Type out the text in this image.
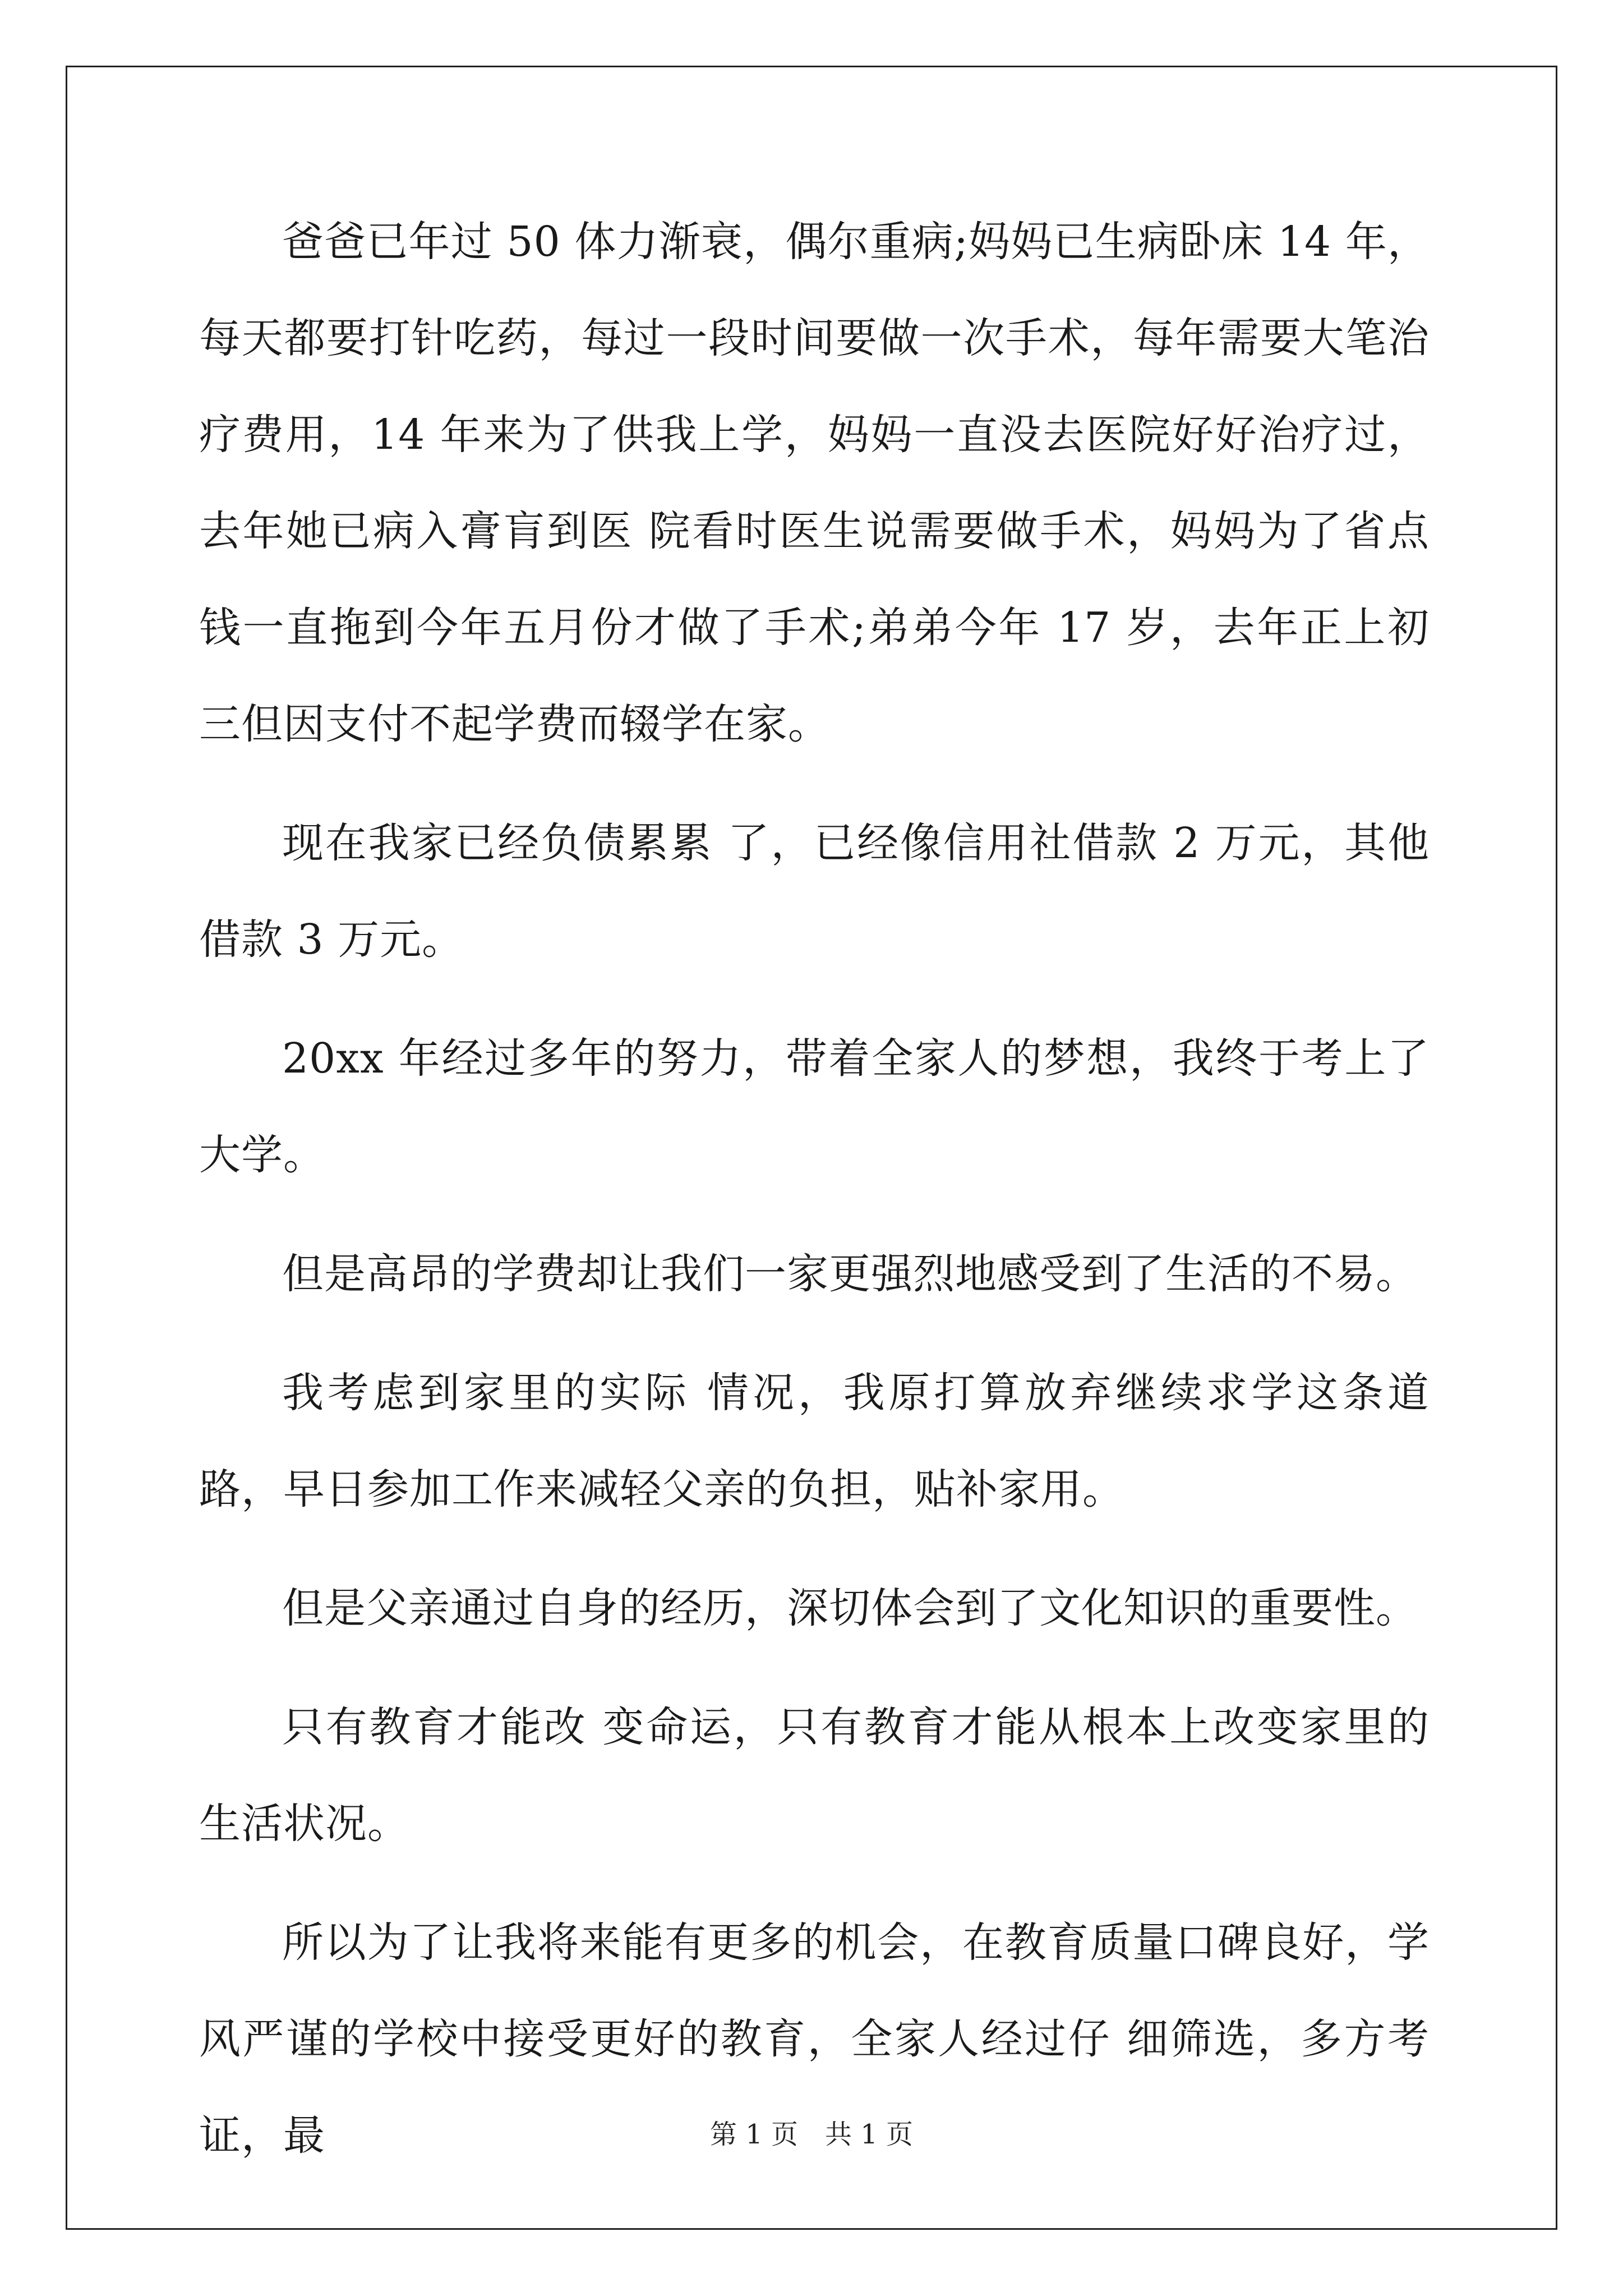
爸爸已年过 50 体力渐衰，偶尔重病;妈妈已生病卧床 14 年，每天都要打针吃药，每过一段时间要做一次手术，每年需要大笔治疗费用，14 年来为了供我上学，妈妈一直没去医院好好治疗过，去年她已病入膏肓到医 院看时医生说需要做手术，妈妈为了省点钱一直拖到今年五月份才做了手术;弟弟今年 17 岁，去年正上初三但因支付不起学费而辍学在家。

现在我家已经负债累累 了，已经像信用社借款 2 万元，其他借款 3 万元。

20xx 年经过多年的努力，带着全家人的梦想，我终于考上了大学。

但是高昂的学费却让我们一家更强烈地感受到了生活的不易。

我考虑到家里的实际 情况，我原打算放弃继续求学这条道路，早日参加工作来减轻父亲的负担，贴补家用。

但是父亲通过自身的经历，深切体会到了文化知识的重要性。

只有教育才能改 变命运，只有教育才能从根本上改变家里的生活状况。

所以为了让我将来能有更多的机会，在教育质量口碑良好，学风严谨的学校中接受更好的教育，全家人经过仔 细筛选，多方考证，最	第 1 页　共 1 页
